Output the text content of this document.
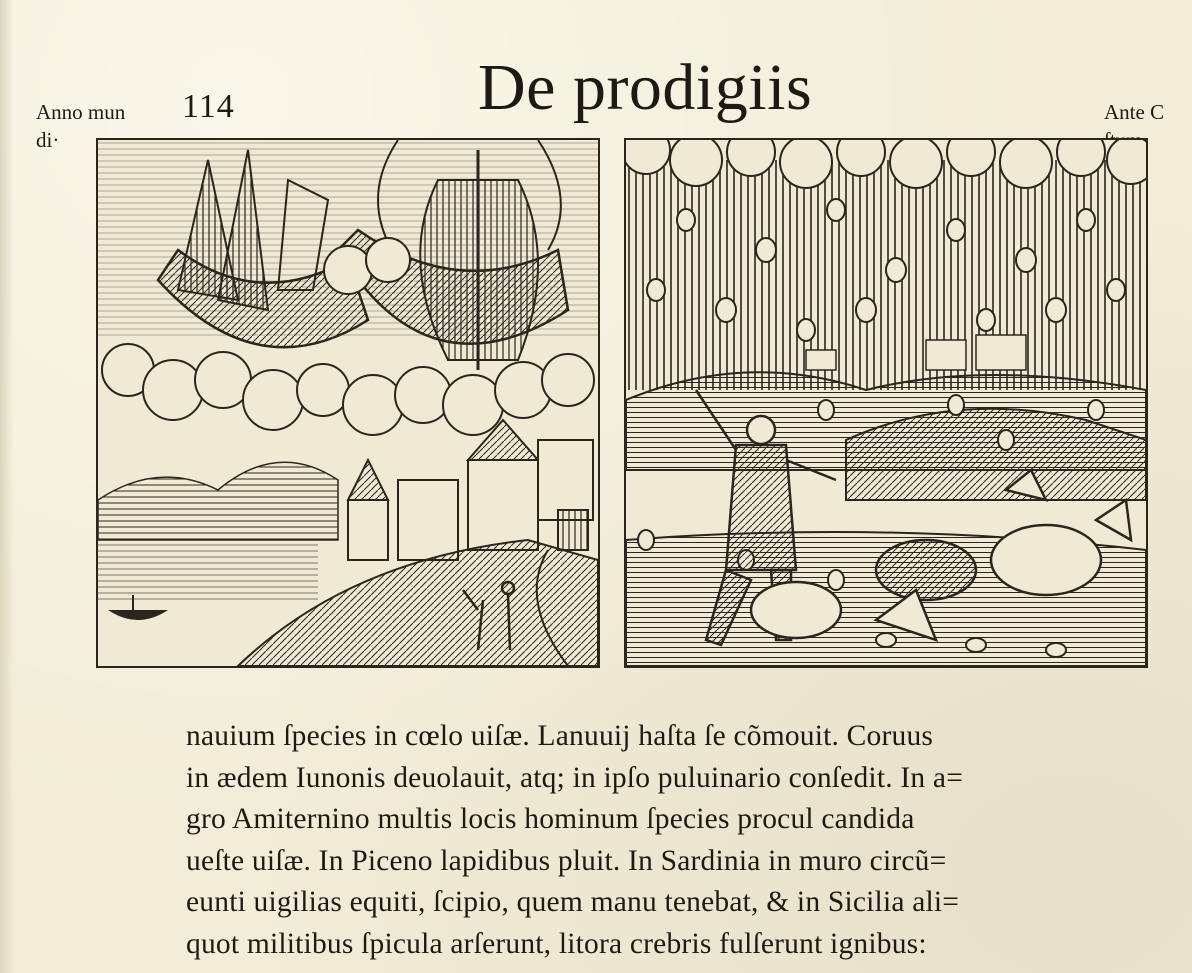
Anno mun
di·
114	De prodigiis	Ante C
nauium ſpecies in cœlo uiſæ. Lanuuij haſta ſe cõmouit. Coruus
in ædem Iunonis deuolauit, atq; in ipſo puluinario conſedit. In a=
gro Amiternino multis locis hominum ſpecies procul candida
ueſte uiſæ. In Piceno lapidibus pluit. In Sardinia in muro circũ=
eunti uigilias equiti, ſcipio, quem manu tenebat, & in Sicilia ali=
quot militibus ſpicula arſerunt, litora crebris fulſerunt ignibus:
